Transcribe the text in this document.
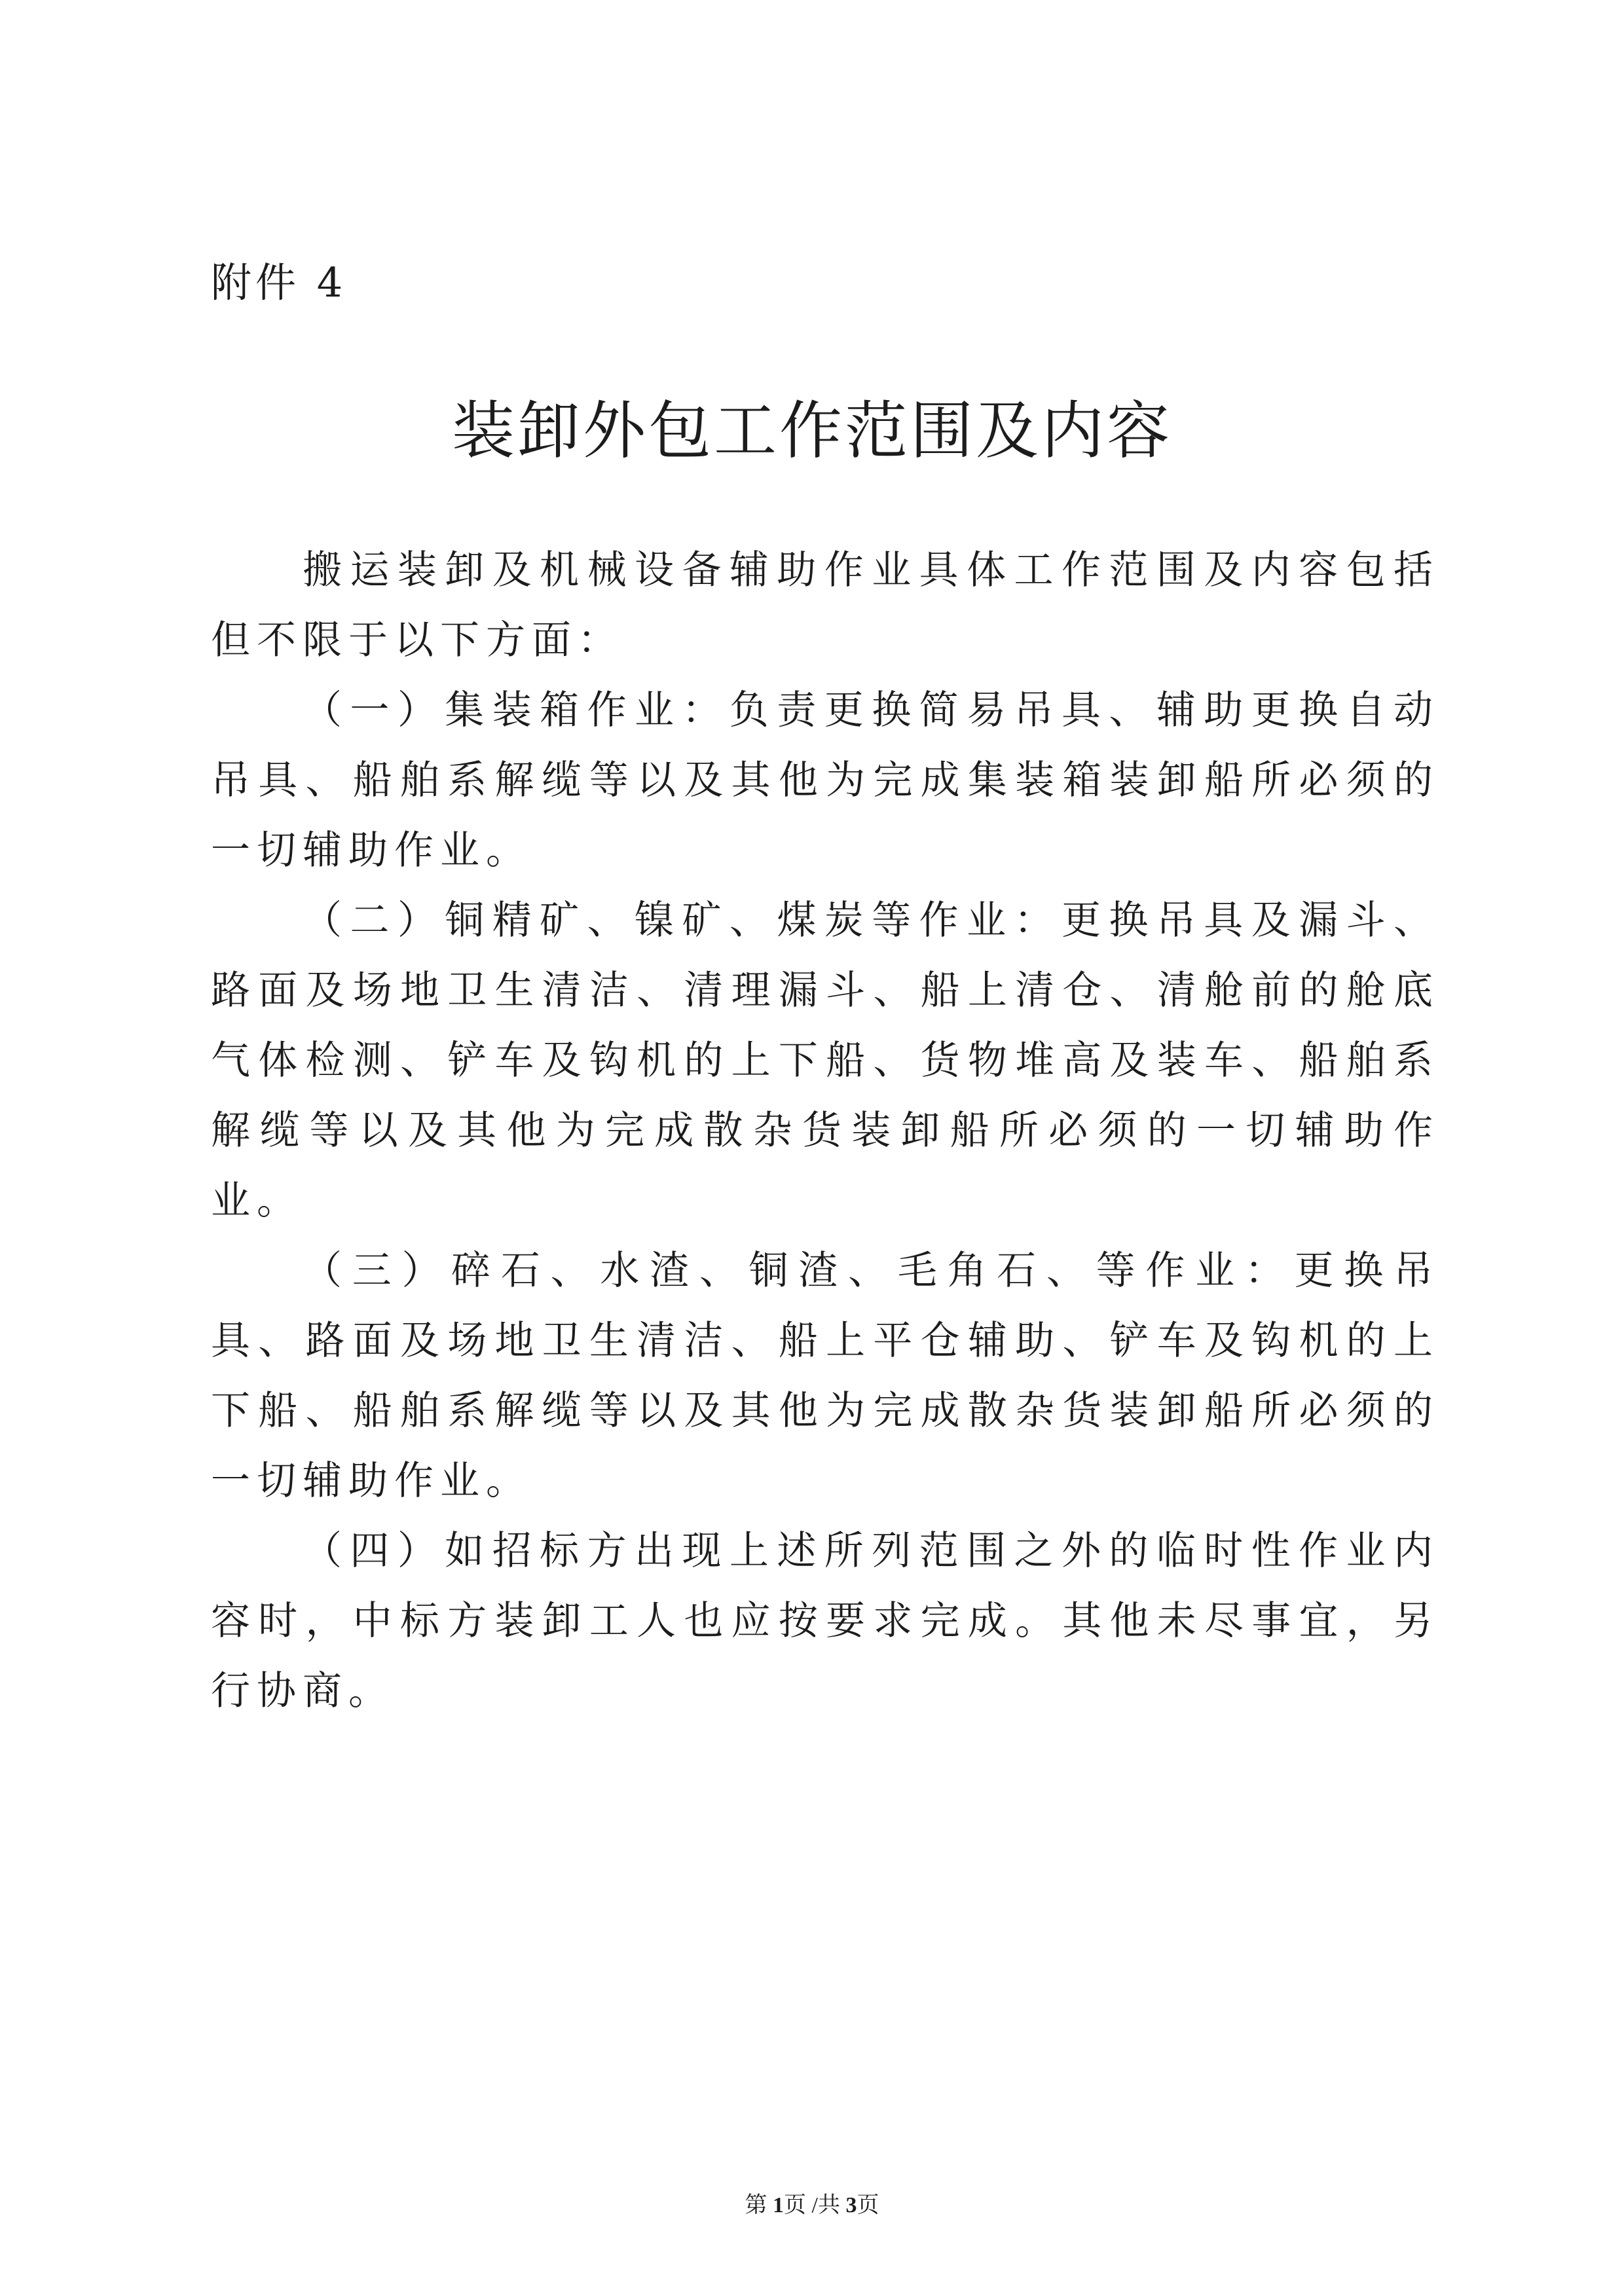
附件 4
装卸外包工作范围及内容

搬运装卸及机械设备辅助作业具体工作范围及内容包括但不限于以下方面：

（一）集装箱作业：负责更换简易吊具、辅助更换自动吊具、船舶系解缆等以及其他为完成集装箱装卸船所必须的一切辅助作业。

（二）铜精矿、镍矿、煤炭等作业：更换吊具及漏斗、路面及场地卫生清洁、清理漏斗、船上清仓、清舱前的舱底气体检测、铲车及钩机的上下船、货物堆高及装车、船舶系解缆等以及其他为完成散杂货装卸船所必须的一切辅助作业。

（三）碎石、水渣、铜渣、毛角石、等作业：更换吊具、路面及场地卫生清洁、船上平仓辅助、铲车及钩机的上下船、船舶系解缆等以及其他为完成散杂货装卸船所必须的一切辅助作业。

（四）如招标方出现上述所列范围之外的临时性作业内容时，中标方装卸工人也应按要求完成。其他未尽事宜，另行协商。

第 1页 /共 3页
